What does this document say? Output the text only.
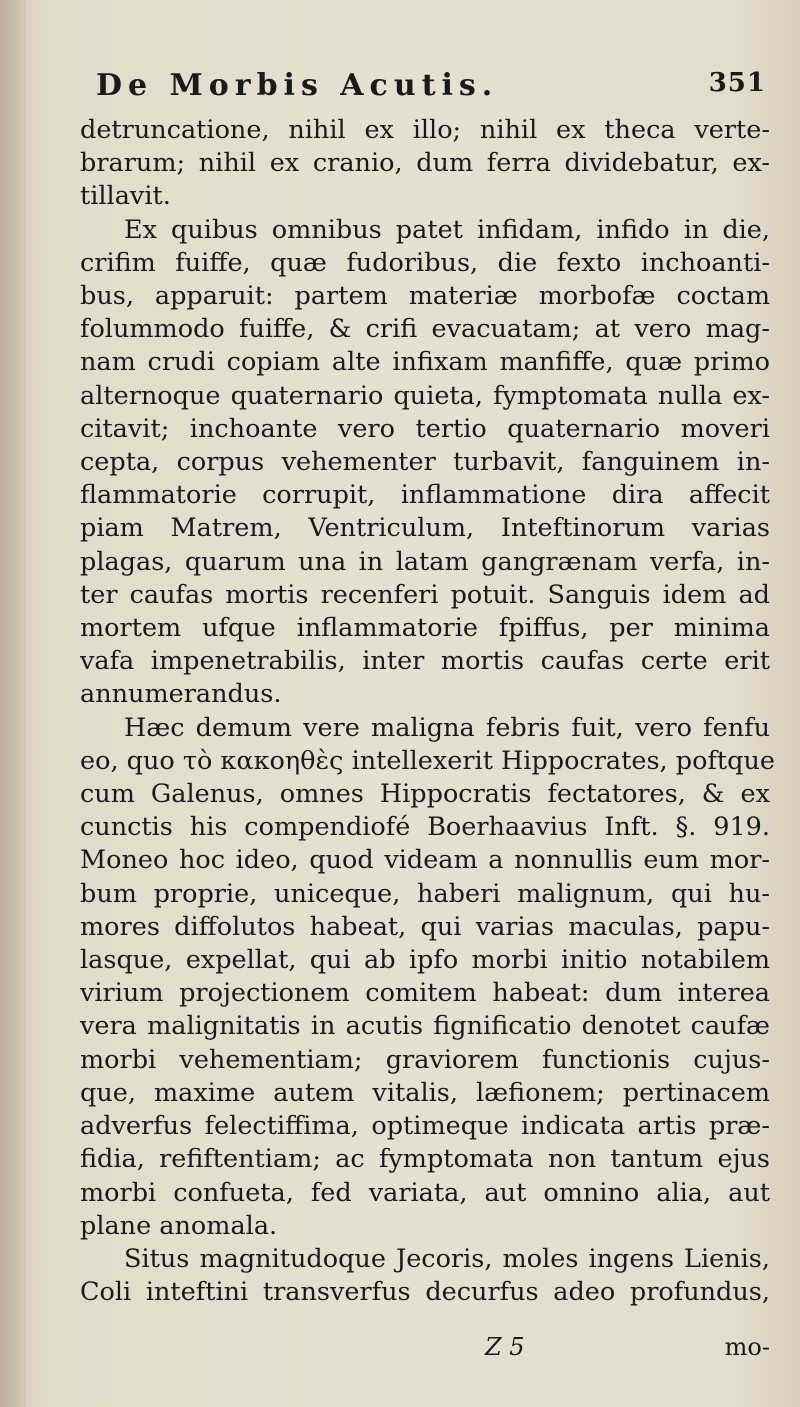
De Morbis Acutis.	351
detruncatione, nihil ex illo; nihil ex theca verte-
brarum; nihil ex cranio, dum ferra dividebatur, ex-
tillavit.
Ex quibus omnibus patet infidam, infido in die,
crifim fuiffe, quæ fudoribus, die fexto inchoanti-
bus, apparuit: partem materiæ morbofæ coctam
folummodo fuiffe, & crifi evacuatam; at vero mag-
nam crudi copiam alte infixam manfiffe, quæ primo
alternoque quaternario quieta, fymptomata nulla ex-
citavit; inchoante vero tertio quaternario moveri
cepta, corpus vehementer turbavit, fanguinem in-
flammatorie corrupit, inflammatione dira affecit
piam Matrem, Ventriculum, Inteftinorum varias
plagas, quarum una in latam gangrænam verfa, in-
ter caufas mortis recenferi potuit. Sanguis idem ad
mortem ufque inflammatorie fpiffus, per minima
vafa impenetrabilis, inter mortis caufas certe erit
annumerandus.
Hæc demum vere maligna febris fuit, vero fenfu
eo, quo τὸ κακοηθὲς intellexerit Hippocrates, poftque
cum Galenus, omnes Hippocratis fectatores, & ex
cunctis his compendiofé Boerhaavius Inft. §. 919.
Moneo hoc ideo, quod videam a nonnullis eum mor-
bum proprie, uniceque, haberi malignum, qui hu-
mores diffolutos habeat, qui varias maculas, papu-
lasque, expellat, qui ab ipfo morbi initio notabilem
virium projectionem comitem habeat: dum interea
vera malignitatis in acutis fignificatio denotet caufæ
morbi vehementiam; graviorem functionis cujus-
que, maxime autem vitalis, læfionem; pertinacem
adverfus felectiffima, optimeque indicata artis præ-
fidia, refiftentiam; ac fymptomata non tantum ejus
morbi confueta, fed variata, aut omnino alia, aut
plane anomala.
Situs magnitudoque Jecoris, moles ingens Lienis,
Coli inteftini transverfus decurfus adeo profundus,
Z 5	mo-
